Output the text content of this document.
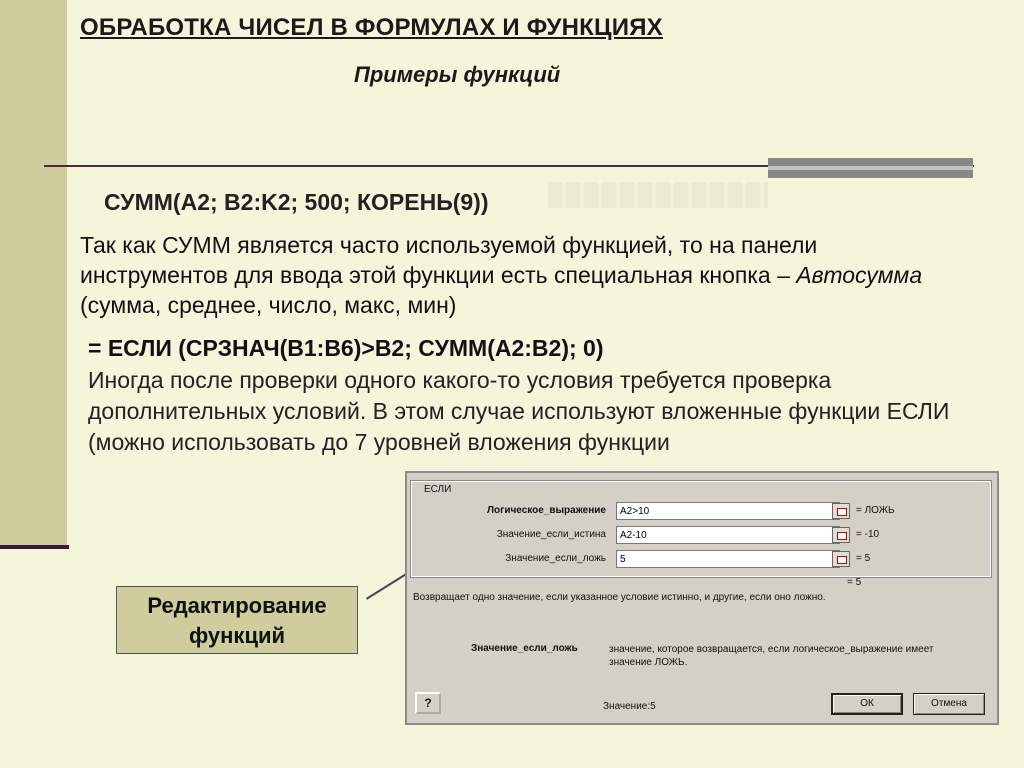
ОБРАБОТКА ЧИСЕЛ В ФОРМУЛАХ И ФУНКЦИЯХ
Примеры функций
СУММ(A2; B2:K2; 500; КОРЕНЬ(9))
Так как СУММ является часто используемой функцией, то на панели инструментов для ввода этой функции есть специальная кнопка – Автосумма (сумма, среднее, число, макс, мин)
= ЕСЛИ (СРЗНАЧ(B1:B6)>B2; СУММ(A2:B2); 0)
Иногда после проверки одного какого-то условия требуется проверка дополнительных условий. В этом случае используют вложенные функции ЕСЛИ (можно использовать до 7 уровней вложения функции
Редактирование функций
ЕСЛИ
Логическое_выражение
A2>10	= ЛОЖЬ
Значение_если_истина
A2-10	= -10
Значение_если_ложь
5	= 5
= 5
Возвращает одно значение, если указанное условие истинно, и другие, если оно ложно.
Значение_если_ложь	значение, которое возвращается, если логическое_выражение имеет значение ЛОЖЬ.
?	Значение:5	ОК	Отмена
